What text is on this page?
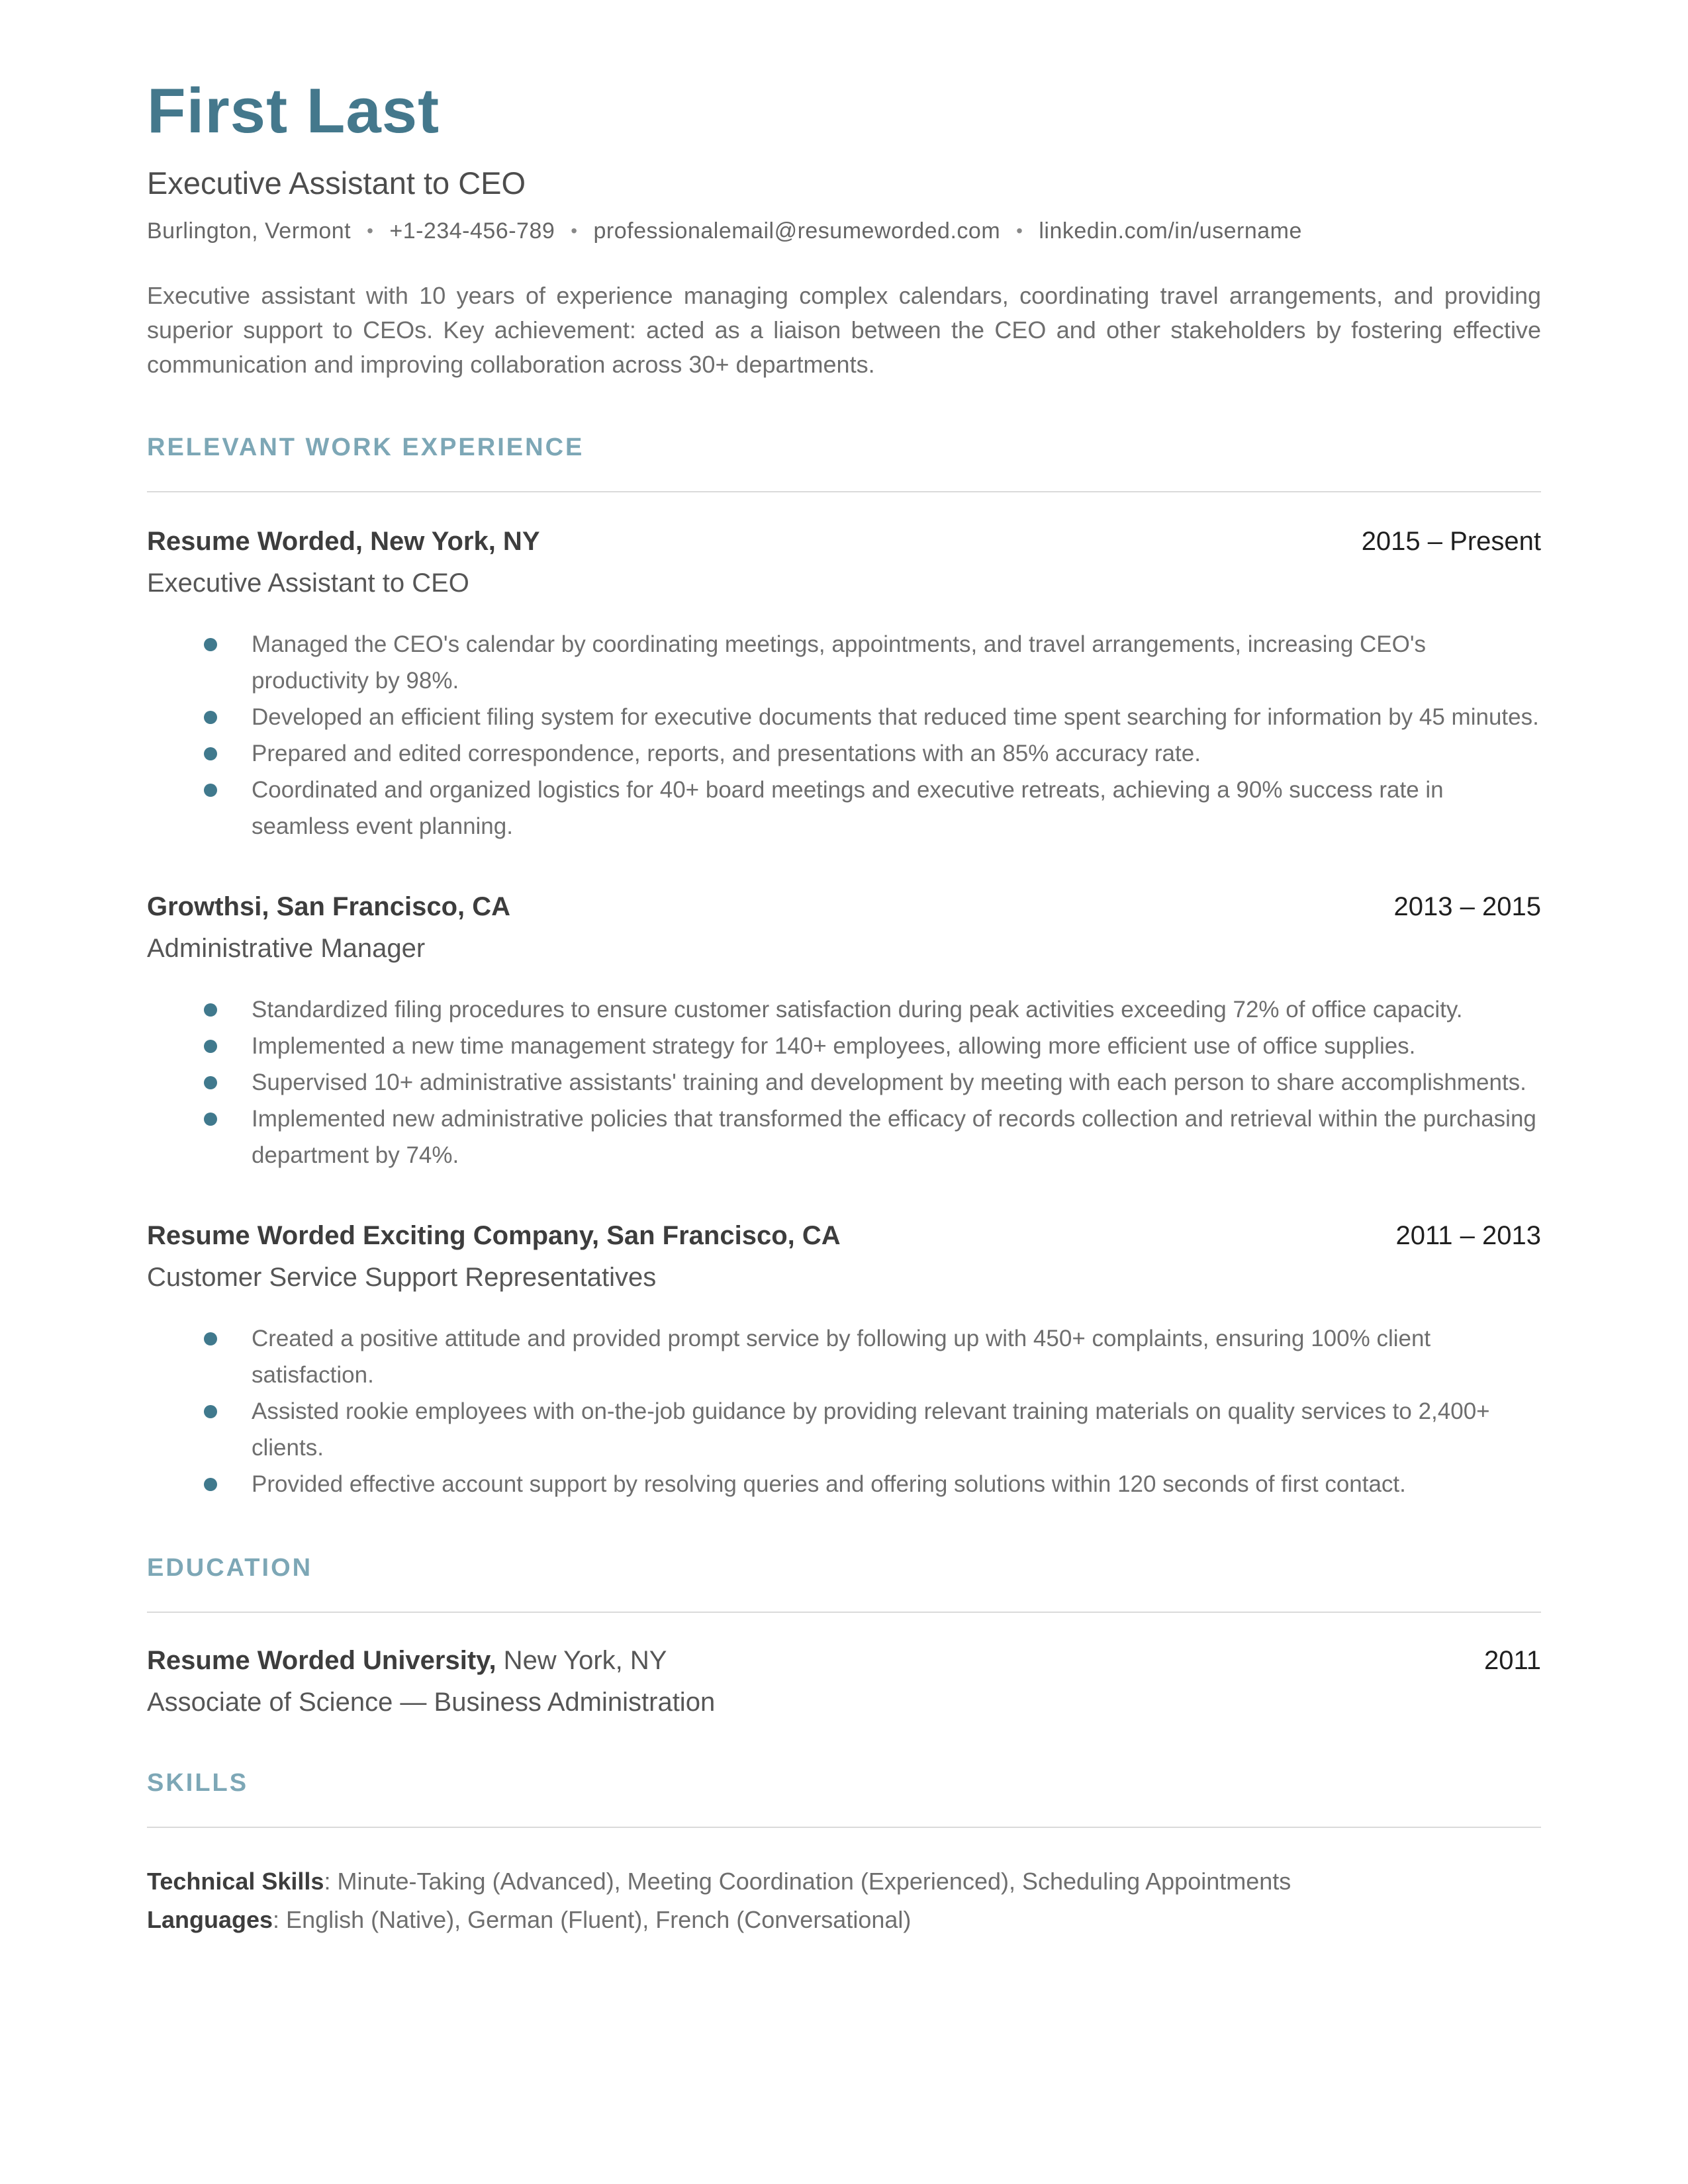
First Last
Executive Assistant to CEO
Burlington, Vermont • +1-234-456-789 • professionalemail@resumeworded.com • linkedin.com/in/username
Executive assistant with 10 years of experience managing complex calendars, coordinating travel arrangements, and providing superior support to CEOs. Key achievement: acted as a liaison between the CEO and other stakeholders by fostering effective communication and improving collaboration across 30+ departments.
RELEVANT WORK EXPERIENCE
Resume Worded, New York, NY	2015 – Present
Executive Assistant to CEO
Managed the CEO's calendar by coordinating meetings, appointments, and travel arrangements, increasing CEO's productivity by 98%.
Developed an efficient filing system for executive documents that reduced time spent searching for information by 45 minutes.
Prepared and edited correspondence, reports, and presentations with an 85% accuracy rate.
Coordinated and organized logistics for 40+ board meetings and executive retreats, achieving a 90% success rate in seamless event planning.
Growthsi, San Francisco, CA	2013 – 2015
Administrative Manager
Standardized filing procedures to ensure customer satisfaction during peak activities exceeding 72% of office capacity.
Implemented a new time management strategy for 140+ employees, allowing more efficient use of office supplies.
Supervised 10+ administrative assistants' training and development by meeting with each person to share accomplishments.
Implemented new administrative policies that transformed the efficacy of records collection and retrieval within the purchasing department by 74%.
Resume Worded Exciting Company, San Francisco, CA	2011 – 2013
Customer Service Support Representatives
Created a positive attitude and provided prompt service by following up with 450+ complaints, ensuring 100% client satisfaction.
Assisted rookie employees with on-the-job guidance by providing relevant training materials on quality services to 2,400+ clients.
Provided effective account support by resolving queries and offering solutions within 120 seconds of first contact.
EDUCATION
Resume Worded University, New York, NY	2011
Associate of Science — Business Administration
SKILLS
Technical Skills: Minute-Taking (Advanced), Meeting Coordination (Experienced), Scheduling Appointments
Languages: English (Native), German (Fluent), French (Conversational)
